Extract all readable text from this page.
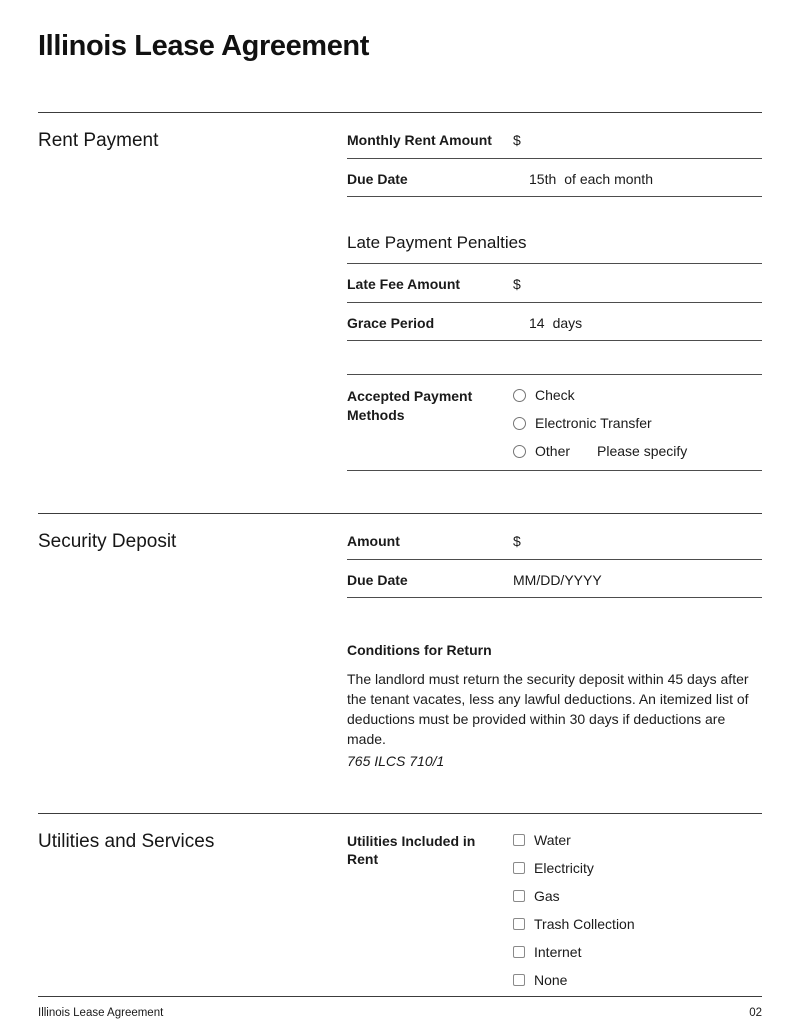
Illinois Lease Agreement
Rent Payment	Monthly Rent Amount	$
Due Date	15th of each month
Late Payment Penalties
Late Fee Amount	$
Grace Period	14 days
Accepted Payment Methods
Check
Electronic Transfer
Other Please specify
Security Deposit	Amount	$
Due Date	MM/DD/YYYY
Conditions for Return

The landlord must return the security deposit within 45 days after the tenant vacates, less any lawful deductions. An itemized list of deductions must be provided within 30 days if deductions are made.

765 ILCS 710/1
Utilities and Services	Utilities Included in Rent
Water
Electricity
Gas
Trash Collection
Internet
None
Illinois Lease Agreement	02
